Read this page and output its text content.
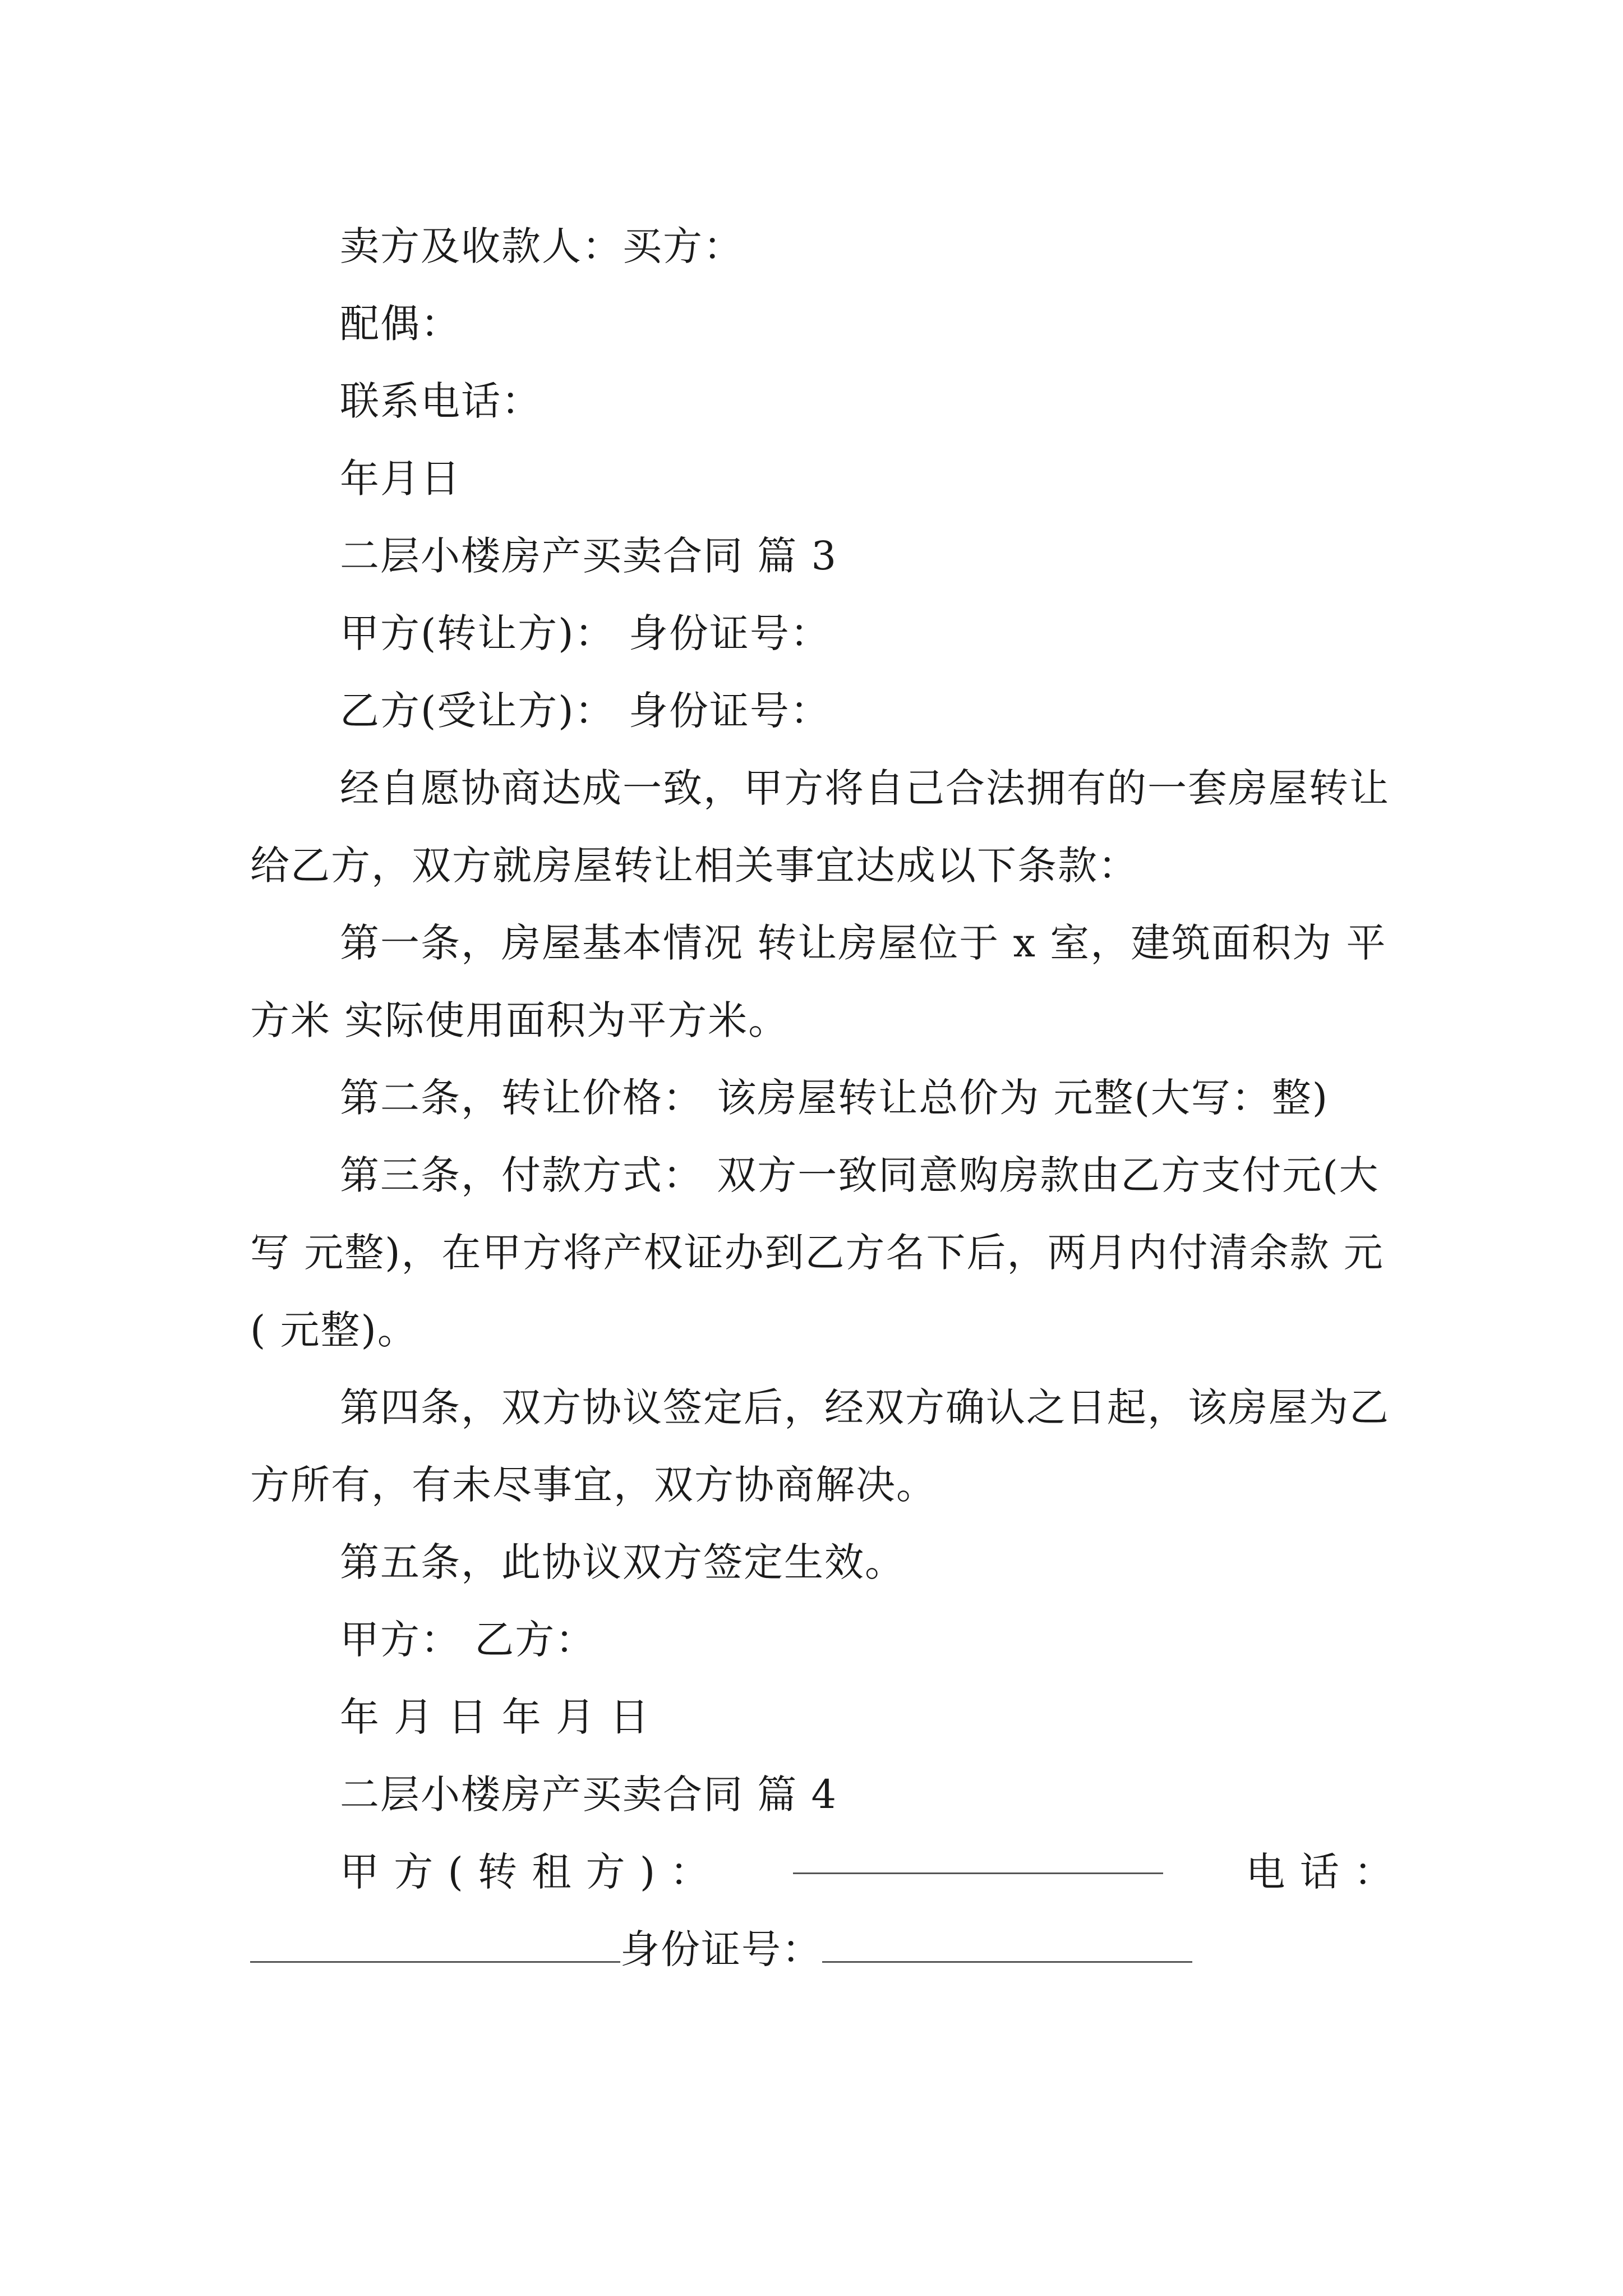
卖方及收款人：买方：

配偶：

联系电话：

年月日

二层小楼房产买卖合同 篇 3

甲方(转让方)： 身份证号：

乙方(受让方)： 身份证号：

经自愿协商达成一致，甲方将自己合法拥有的一套房屋转让给乙方，双方就房屋转让相关事宜达成以下条款：

第一条，房屋基本情况 转让房屋位于 x 室，建筑面积为 平方米 实际使用面积为平方米。

第二条，转让价格： 该房屋转让总价为 元整(大写：整)

第三条，付款方式： 双方一致同意购房款由乙方支付元(大写 元整)，在甲方将产权证办到乙方名下后，两月内付清余款 元( 元整)。

第四条，双方协议签定后，经双方确认之日起，该房屋为乙方所有，有未尽事宜，双方协商解决。

第五条，此协议双方签定生效。

甲方： 乙方：

年 月 日 年 月 日

二层小楼房产买卖合同 篇 4

甲 方 ( 转 租 方 ) ：	电 话 ：

身份证号：
